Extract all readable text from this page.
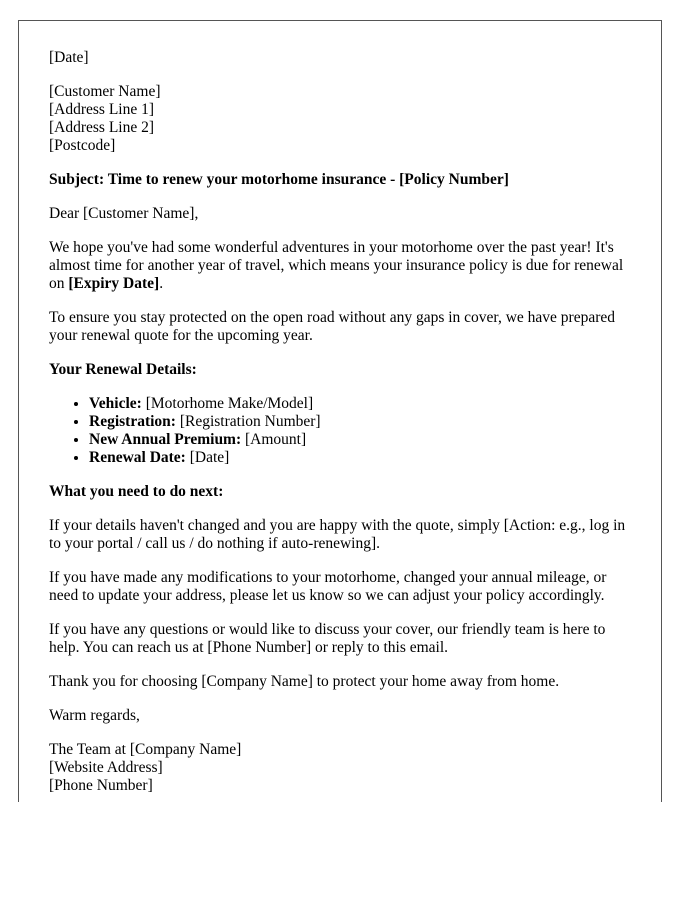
[Date]

[Customer Name]
[Address Line 1]
[Address Line 2]
[Postcode]

Subject: Time to renew your motorhome insurance - [Policy Number]

Dear [Customer Name],

We hope you've had some wonderful adventures in your motorhome over the past year! It's almost time for another year of travel, which means your insurance policy is due for renewal on [Expiry Date].

To ensure you stay protected on the open road without any gaps in cover, we have prepared your renewal quote for the upcoming year.

Your Renewal Details:

• Vehicle: [Motorhome Make/Model]
• Registration: [Registration Number]
• New Annual Premium: [Amount]
• Renewal Date: [Date]

What you need to do next:

If your details haven't changed and you are happy with the quote, simply [Action: e.g., log in to your portal / call us / do nothing if auto-renewing].

If you have made any modifications to your motorhome, changed your annual mileage, or need to update your address, please let us know so we can adjust your policy accordingly.

If you have any questions or would like to discuss your cover, our friendly team is here to help. You can reach us at [Phone Number] or reply to this email.

Thank you for choosing [Company Name] to protect your home away from home.

Warm regards,

The Team at [Company Name]
[Website Address]
[Phone Number]
